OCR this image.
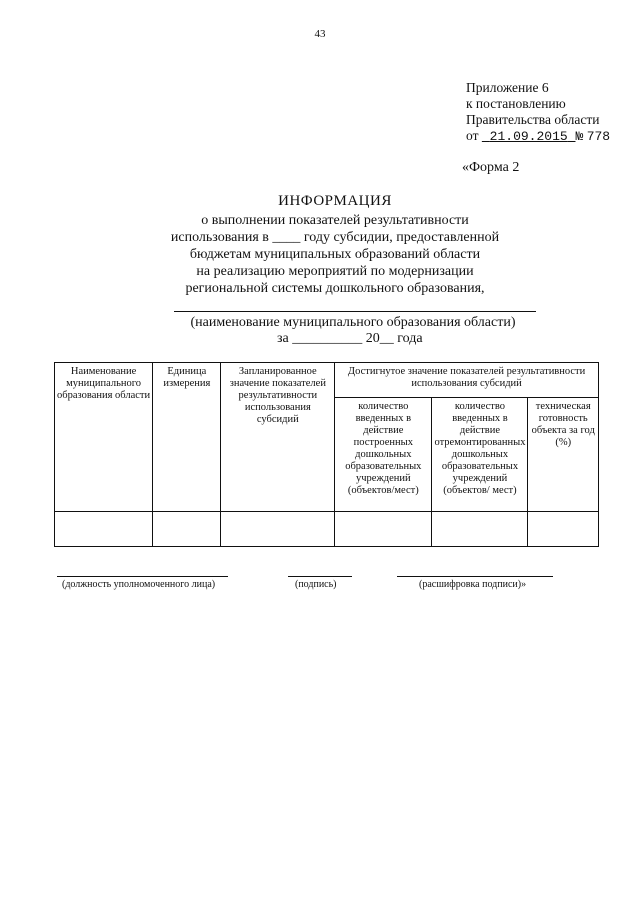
43
Приложение 6
к постановлению
Правительства области
от 21.09.2015 № 778
«Форма 2
ИНФОРМАЦИЯ
о выполнении показателей результативности
использования в ____ году субсидии, предоставленной
бюджетам муниципальных образований области
на реализацию мероприятий по модернизации
региональной системы дошкольного образования,
(наименование муниципального образования области)
за __________ 20__ года
Наименование муниципального образования области	Единица измерения	Запланированное значение показателей результативности использования субсидий	Достигнутое значение показателей результативности использования субсидий		
			количество введенных в действие построенных дошкольных образовательных учреждений (объектов/мест)	количество введенных в действие отремонтированных дошкольных образовательных учреждений (объектов/ мест)	техническая готовность объекта за год (%)

(должность уполномоченного лица)	(подпись)	(расшифровка подписи)»
